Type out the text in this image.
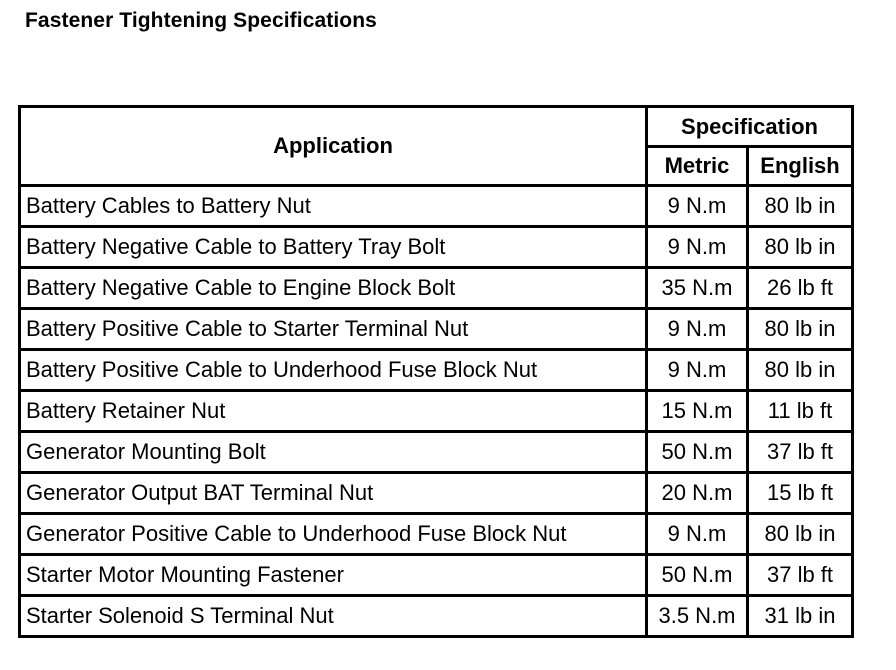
Fastener Tightening Specifications
Application	Specification	
	Metric	English
Battery Cables to Battery Nut	9 N.m	80 lb in
Battery Negative Cable to Battery Tray Bolt	9 N.m	80 lb in
Battery Negative Cable to Engine Block Bolt	35 N.m	26 lb ft
Battery Positive Cable to Starter Terminal Nut	9 N.m	80 lb in
Battery Positive Cable to Underhood Fuse Block Nut	9 N.m	80 lb in
Battery Retainer Nut	15 N.m	11 lb ft
Generator Mounting Bolt	50 N.m	37 lb ft
Generator Output BAT Terminal Nut	20 N.m	15 lb ft
Generator Positive Cable to Underhood Fuse Block Nut	9 N.m	80 lb in
Starter Motor Mounting Fastener	50 N.m	37 lb ft
Starter Solenoid S Terminal Nut	3.5 N.m	31 lb in
